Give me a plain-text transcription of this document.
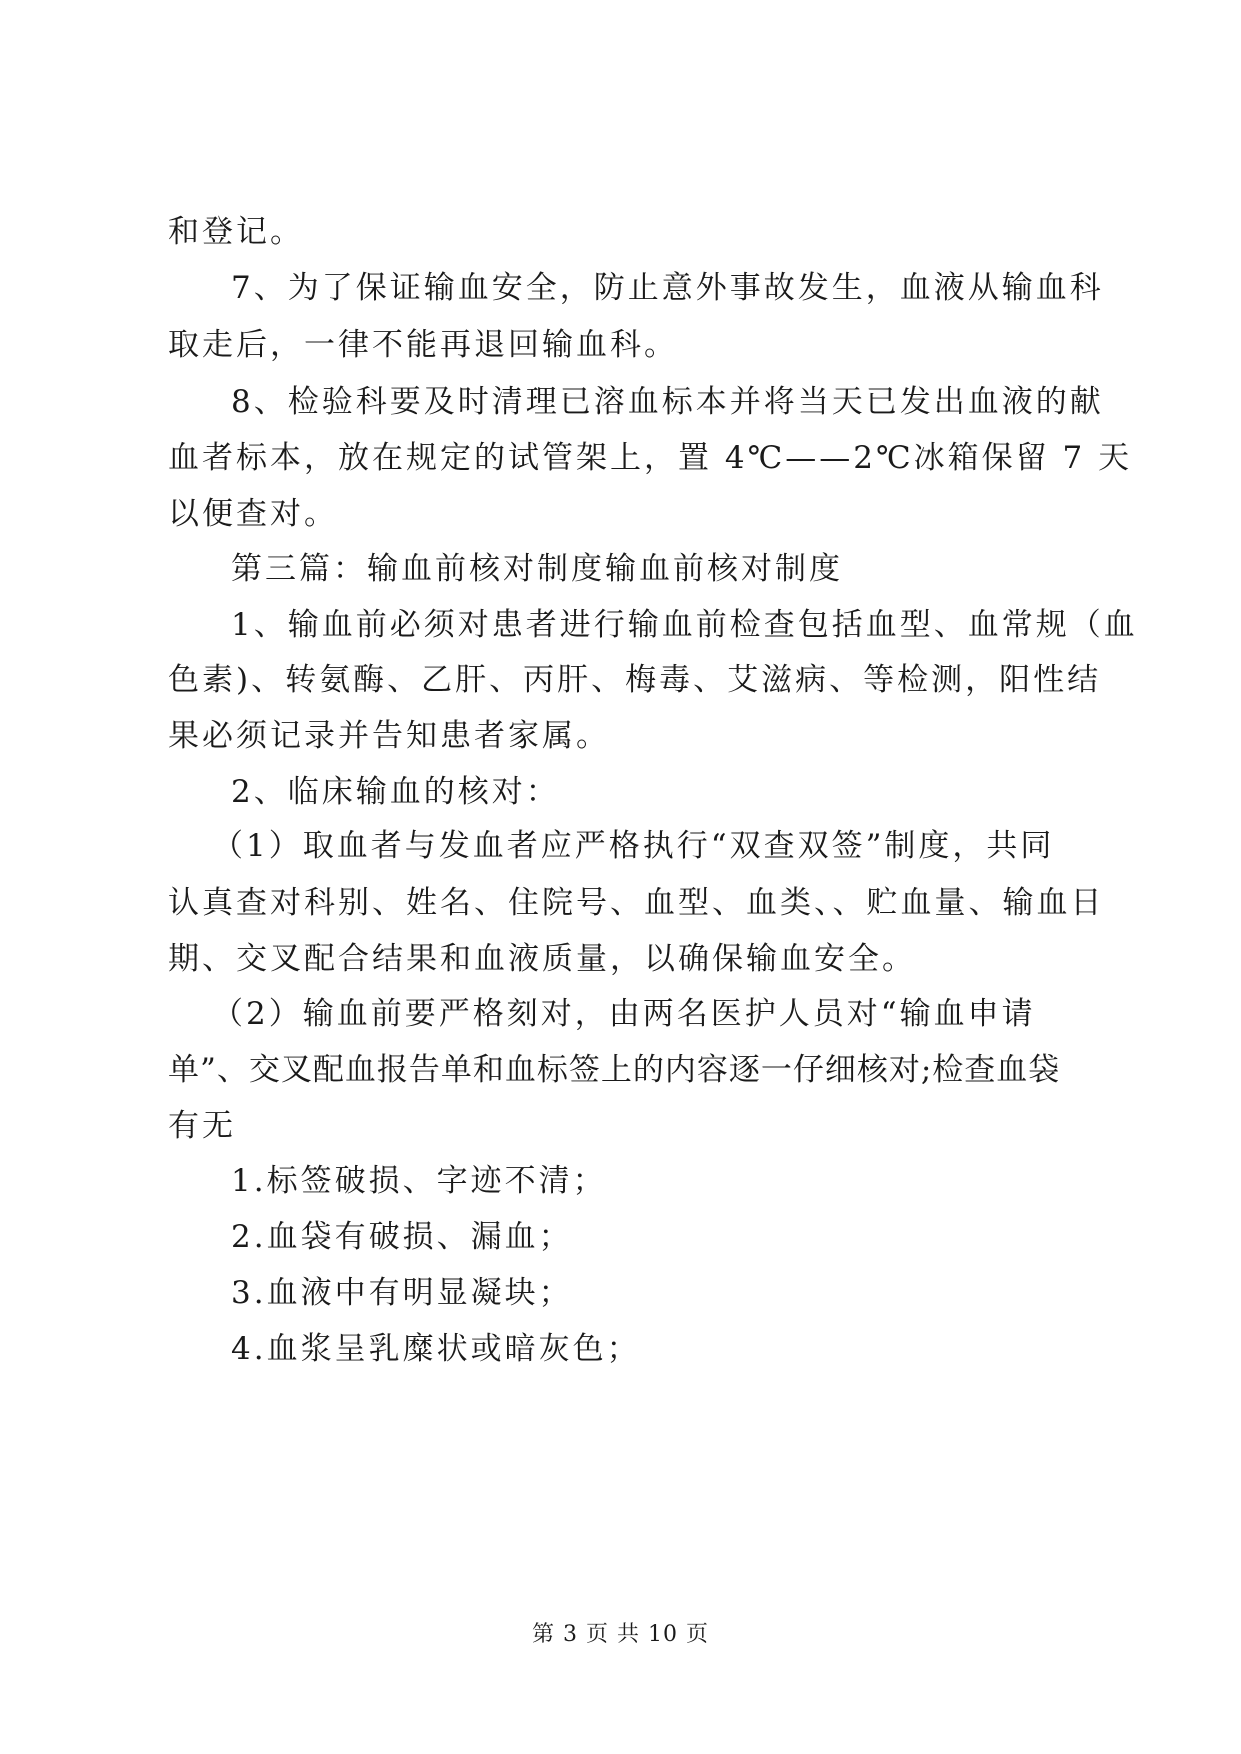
和登记。
7、为了保证输血安全，防止意外事故发生，血液从输血科
取走后，一律不能再退回输血科。
8、检验科要及时清理已溶血标本并将当天已发出血液的献
血者标本，放在规定的试管架上，置 4℃——2℃冰箱保留 7 天
以便查对。
第三篇：输血前核对制度输血前核对制度
1、输血前必须对患者进行输血前检查包括血型、血常规（血
色素)、转氨酶、乙肝、丙肝、梅毒、艾滋病、等检测，阳性结
果必须记录并告知患者家属。
2、临床输血的核对：
（1）取血者与发血者应严格执行“双查双签”制度，共同
认真查对科别、姓名、住院号、血型、血类、、贮血量、输血日
期、交叉配合结果和血液质量，以确保输血安全。
（2）输血前要严格刻对，由两名医护人员对“输血申请
单”、交叉配血报告单和血标签上的内容逐一仔细核对;检查血袋
有无
1.标签破损、字迹不清；
2.血袋有破损、漏血；
3.血液中有明显凝块；
4.血浆呈乳糜状或暗灰色；
第 3 页 共 10 页
